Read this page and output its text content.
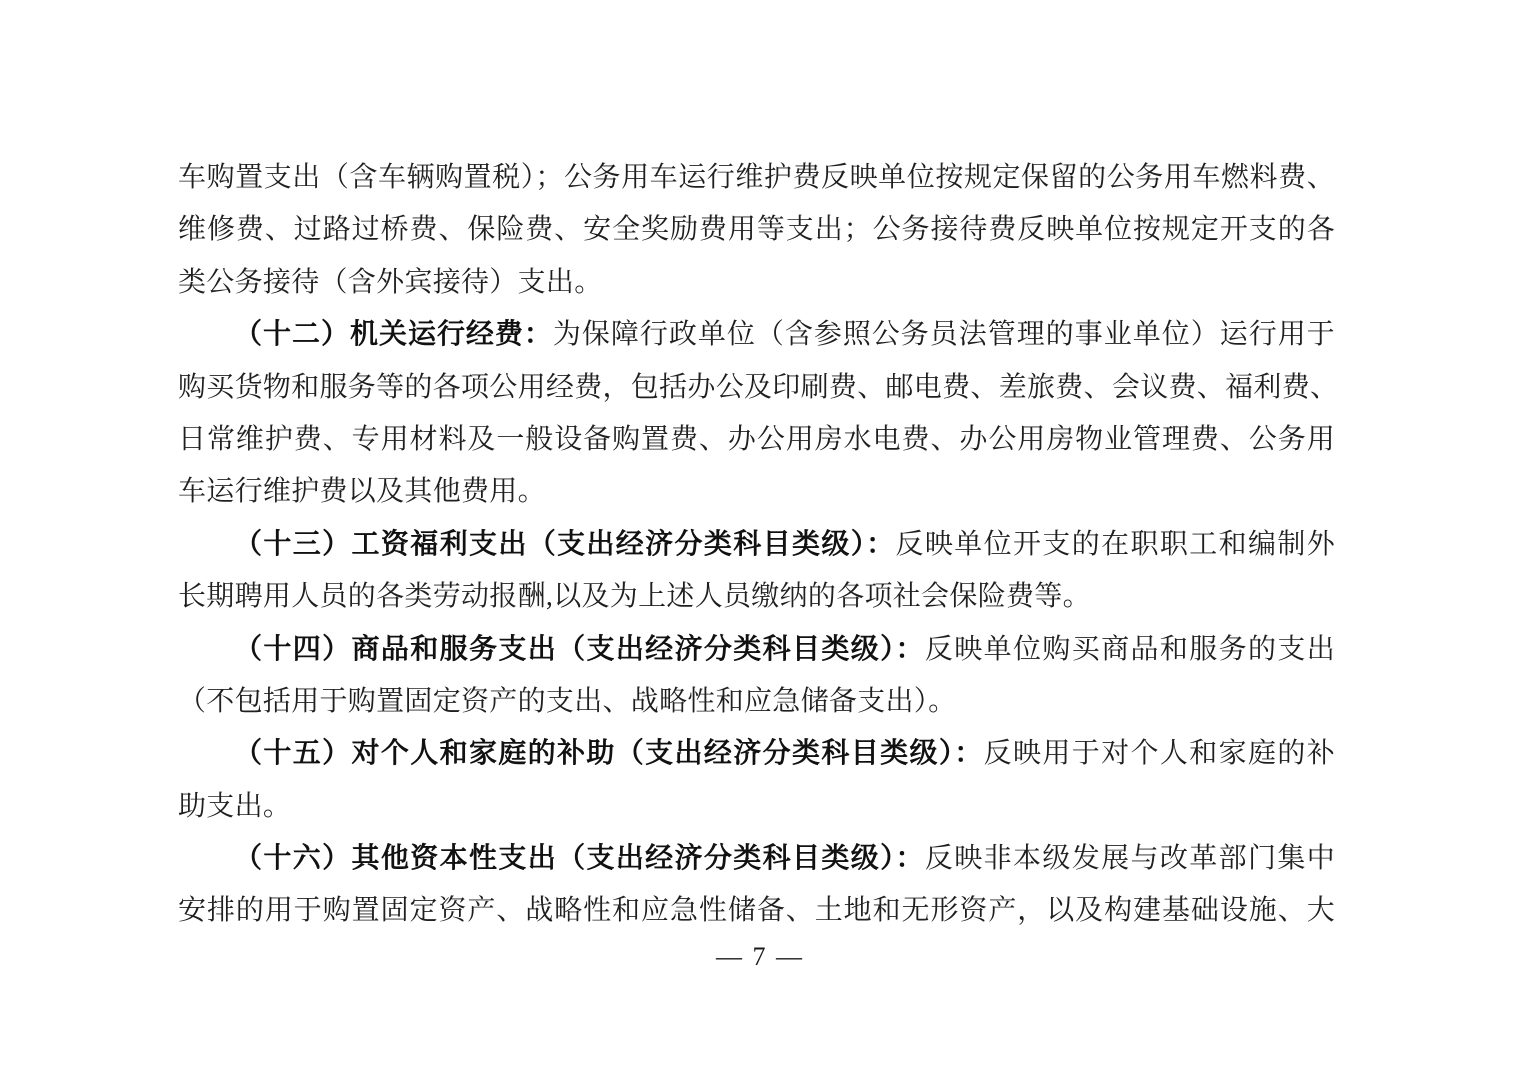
车购置支出（含车辆购置税）；公务用车运行维护费反映单位按规定保留的公务用车燃料费、
维修费、过路过桥费、保险费、安全奖励费用等支出；公务接待费反映单位按规定开支的各
类公务接待（含外宾接待）支出。
（十二）机关运行经费：为保障行政单位（含参照公务员法管理的事业单位）运行用于
购买货物和服务等的各项公用经费，包括办公及印刷费、邮电费、差旅费、会议费、福利费、
日常维护费、专用材料及一般设备购置费、办公用房水电费、办公用房物业管理费、公务用
车运行维护费以及其他费用。
（十三）工资福利支出（支出经济分类科目类级）：反映单位开支的在职职工和编制外
长期聘用人员的各类劳动报酬,以及为上述人员缴纳的各项社会保险费等。
（十四）商品和服务支出（支出经济分类科目类级）：反映单位购买商品和服务的支出
（不包括用于购置固定资产的支出、战略性和应急储备支出）。
（十五）对个人和家庭的补助（支出经济分类科目类级）：反映用于对个人和家庭的补
助支出。
（十六）其他资本性支出（支出经济分类科目类级）：反映非本级发展与改革部门集中
安排的用于购置固定资产、战略性和应急性储备、土地和无形资产，以及构建基础设施、大
— 7 —
